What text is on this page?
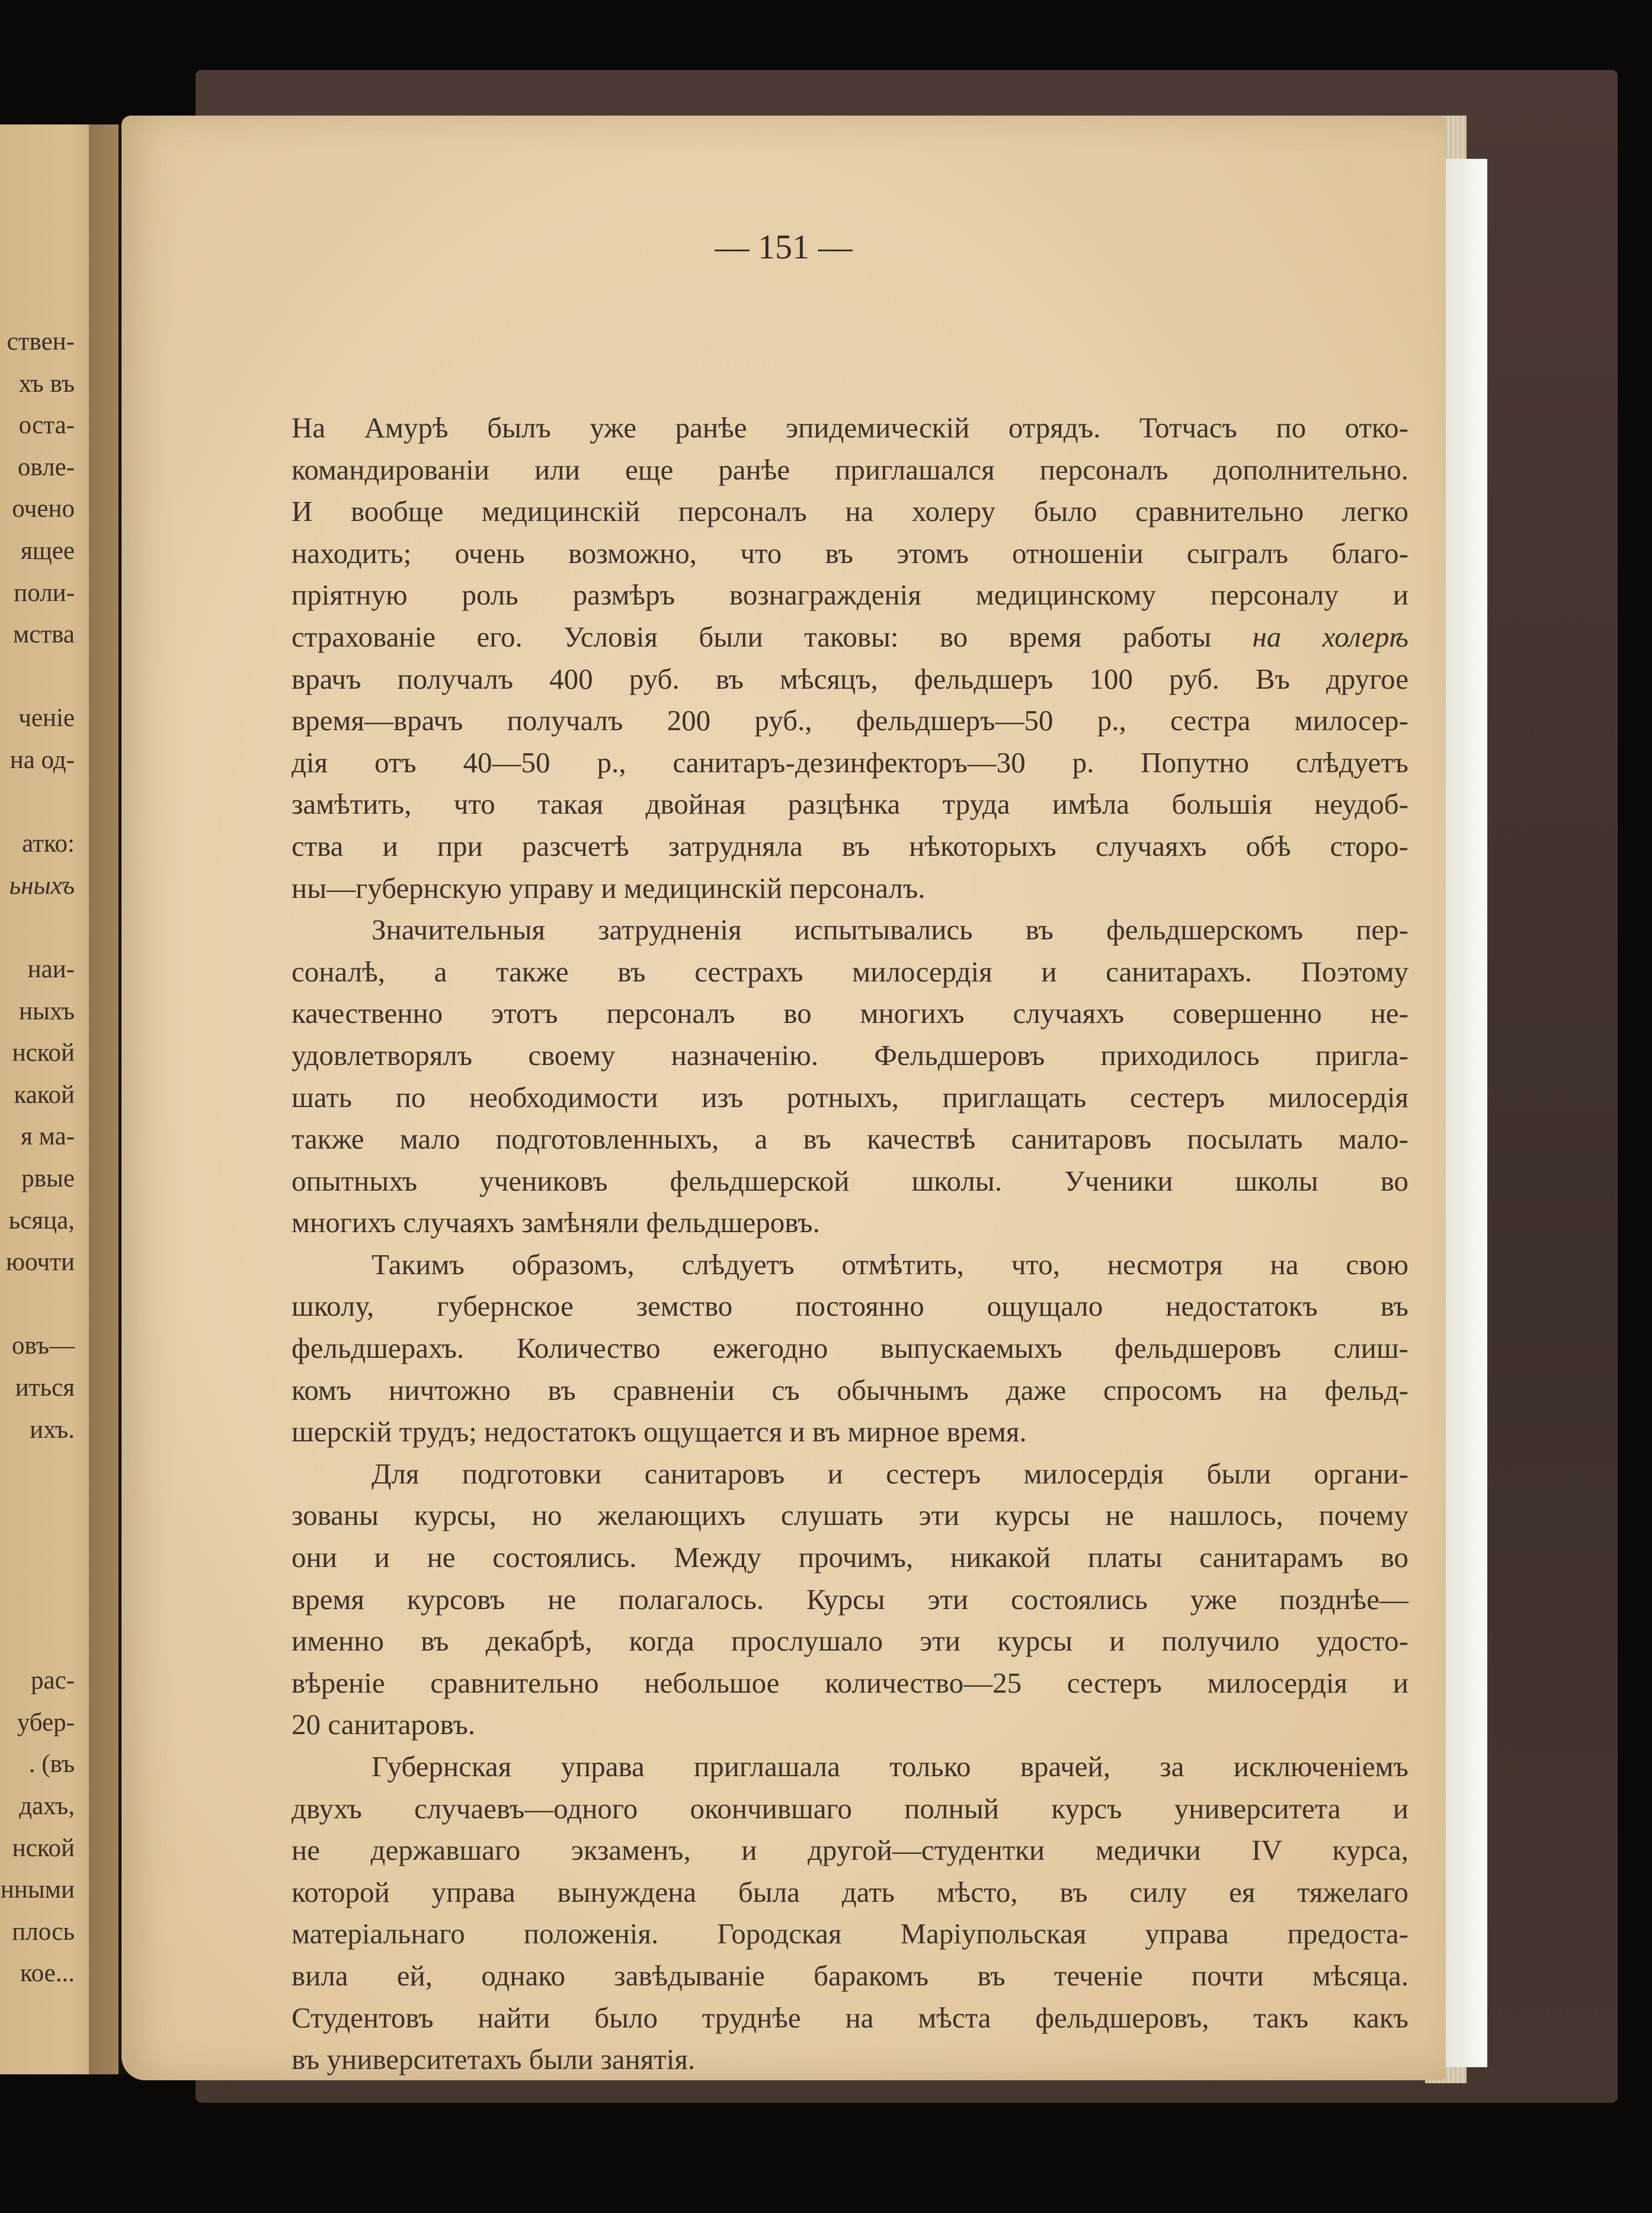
ствен-
хъ въ
оста-
овле-
очено
ящее
поли-
мства
ченіе
на од-
атко:
ьныхъ
наи-
ныхъ
нской
какой
я ма-
рвые
ьсяца,
юочти
овъ—
иться
ихъ.
рас-
убер-
. (въ
дахъ,
нской
нными
плось
кое...
— 151 —
На Амурѣ былъ уже ранѣе эпидемическій отрядъ. Тотчасъ по отко-
командированіи или еще ранѣе приглашался персоналъ дополнительно.
И вообще медицинскій персоналъ на холеру было сравнительно легко
находить; очень возможно, что въ этомъ отношеніи сыгралъ благо-
пріятную роль размѣръ вознагражденія медицинскому персоналу и
страхованіе его. Условія были таковы: во время работы на холерѣ
врачъ получалъ 400 руб. въ мѣсяцъ, фельдшеръ 100 руб. Въ другое
время—врачъ получалъ 200 руб., фельдшеръ—50 р., сестра милосер-
дія отъ 40—50 р., санитаръ-дезинфекторъ—30 р. Попутно слѣдуетъ
замѣтить, что такая двойная разцѣнка труда имѣла большія неудоб-
ства и при разсчетѣ затрудняла въ нѣкоторыхъ случаяхъ обѣ сторо-
ны—губернскую управу и медицинскій персоналъ.
Значительныя затрудненія испытывались въ фельдшерскомъ пер-
соналѣ, а также въ сестрахъ милосердія и санитарахъ. Поэтому
качественно этотъ персоналъ во многихъ случаяхъ совершенно не-
удовлетворялъ своему назначенію. Фельдшеровъ приходилось пригла-
шать по необходимости изъ ротныхъ, приглащать сестеръ милосердія
также мало подготовленныхъ, а въ качествѣ санитаровъ посылать мало-
опытныхъ учениковъ фельдшерской школы. Ученики школы во
многихъ случаяхъ замѣняли фельдшеровъ.
Такимъ образомъ, слѣдуетъ отмѣтить, что, несмотря на свою
школу, губернское земство постоянно ощущало недостатокъ въ
фельдшерахъ. Количество ежегодно выпускаемыхъ фельдшеровъ слиш-
комъ ничтожно въ сравненіи съ обычнымъ даже спросомъ на фельд-
шерскій трудъ; недостатокъ ощущается и въ мирное время.
Для подготовки санитаровъ и сестеръ милосердія были органи-
зованы курсы, но желающихъ слушать эти курсы не нашлось, почему
они и не состоялись. Между прочимъ, никакой платы санитарамъ во
время курсовъ не полагалось. Курсы эти состоялись уже позднѣе—
именно въ декабрѣ, когда прослушало эти курсы и получило удосто-
вѣреніе сравнительно небольшое количество—25 сестеръ милосердія и
20 санитаровъ.
Губернская управа приглашала только врачей, за исключеніемъ
двухъ случаевъ—одного окончившаго полный курсъ университета и
не державшаго экзаменъ, и другой—студентки медички IV курса,
которой управа вынуждена была дать мѣсто, въ силу ея тяжелаго
матеріальнаго положенія. Городская Маріупольская управа предоста-
вила ей, однако завѣдываніе баракомъ въ теченіе почти мѣсяца.
Студентовъ найти было труднѣе на мѣста фельдшеровъ, такъ какъ
въ университетахъ были занятія.
